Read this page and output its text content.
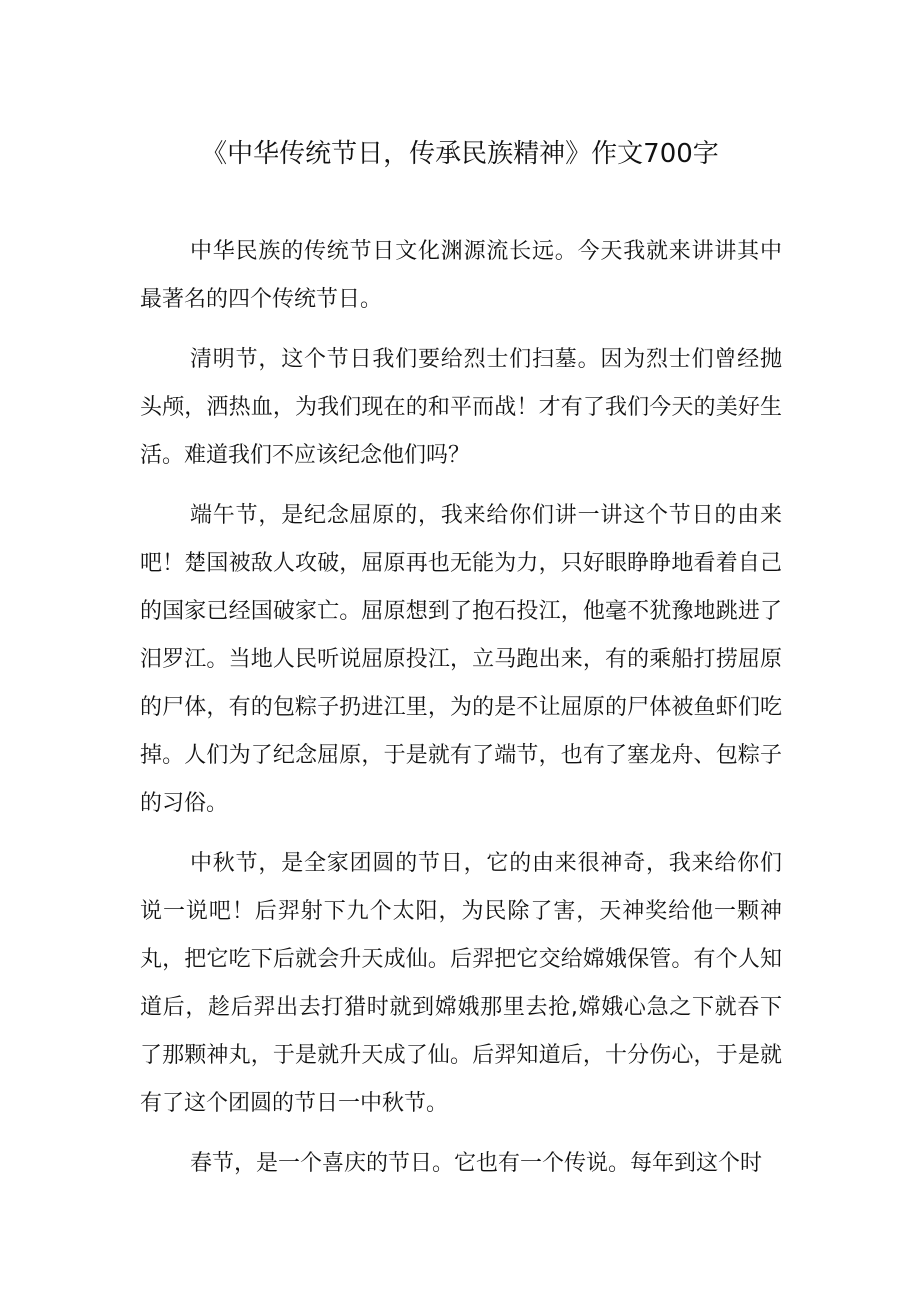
《中华传统节日，传承民族精神》作文700字

中华民族的传统节日文化渊源流长远。今天我就来讲讲其中最著名的四个传统节日。

清明节，这个节日我们要给烈士们扫墓。因为烈士们曾经抛头颅，洒热血，为我们现在的和平而战！才有了我们今天的美好生活。难道我们不应该纪念他们吗？

端午节，是纪念屈原的，我来给你们讲一讲这个节日的由来吧！楚国被敌人攻破，屈原再也无能为力，只好眼睁睁地看着自己的国家已经国破家亡。屈原想到了抱石投江，他毫不犹豫地跳进了汨罗江。当地人民听说屈原投江，立马跑出来，有的乘船打捞屈原的尸体，有的包粽子扔进江里，为的是不让屈原的尸体被鱼虾们吃掉。人们为了纪念屈原，于是就有了端节，也有了塞龙舟、包粽子的习俗。

中秋节，是全家团圆的节日，它的由来很神奇，我来给你们说一说吧！后羿射下九个太阳，为民除了害，天神奖给他一颗神丸，把它吃下后就会升天成仙。后羿把它交给嫦娥保管。有个人知道后，趁后羿出去打猎时就到嫦娥那里去抢,嫦娥心急之下就吞下了那颗神丸，于是就升天成了仙。后羿知道后，十分伤心，于是就有了这个团圆的节日一中秋节。

春节，是一个喜庆的节日。它也有一个传说。每年到这个时
